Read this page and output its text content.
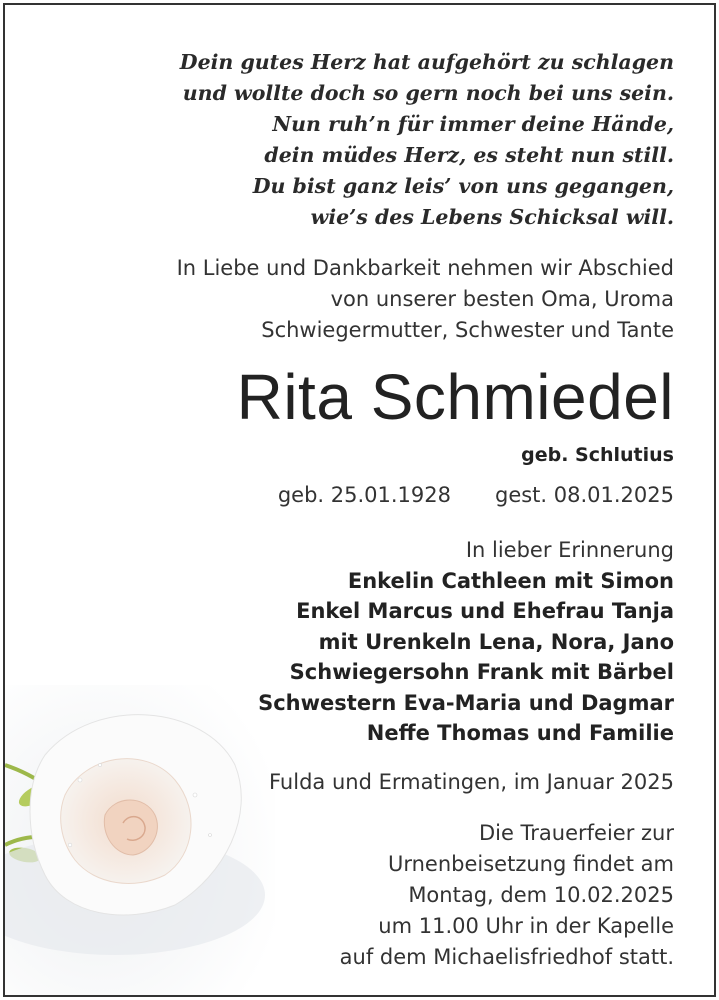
Dein gutes Herz hat aufgehört zu schlagen
und wollte doch so gern noch bei uns sein.
Nun ruh’n für immer deine Hände,
dein müdes Herz, es steht nun still.
Du bist ganz leis’ von uns gegangen,
wie’s des Lebens Schicksal will.
In Liebe und Dankbarkeit nehmen wir Abschied
von unserer besten Oma, Uroma
Schwiegermutter, Schwester und Tante
Rita Schmiedel
geb. Schlutius
geb. 25.01.1928 gest. 08.01.2025
In lieber Erinnerung
Enkelin Cathleen mit Simon
Enkel Marcus und Ehefrau Tanja
mit Urenkeln Lena, Nora, Jano
Schwiegersohn Frank mit Bärbel
Schwestern Eva-Maria und Dagmar
Neffe Thomas und Familie
Fulda und Ermatingen, im Januar 2025
Die Trauerfeier zur
Urnenbeisetzung findet am
Montag, dem 10.02.2025
um 11.00 Uhr in der Kapelle
auf dem Michaelisfriedhof statt.
